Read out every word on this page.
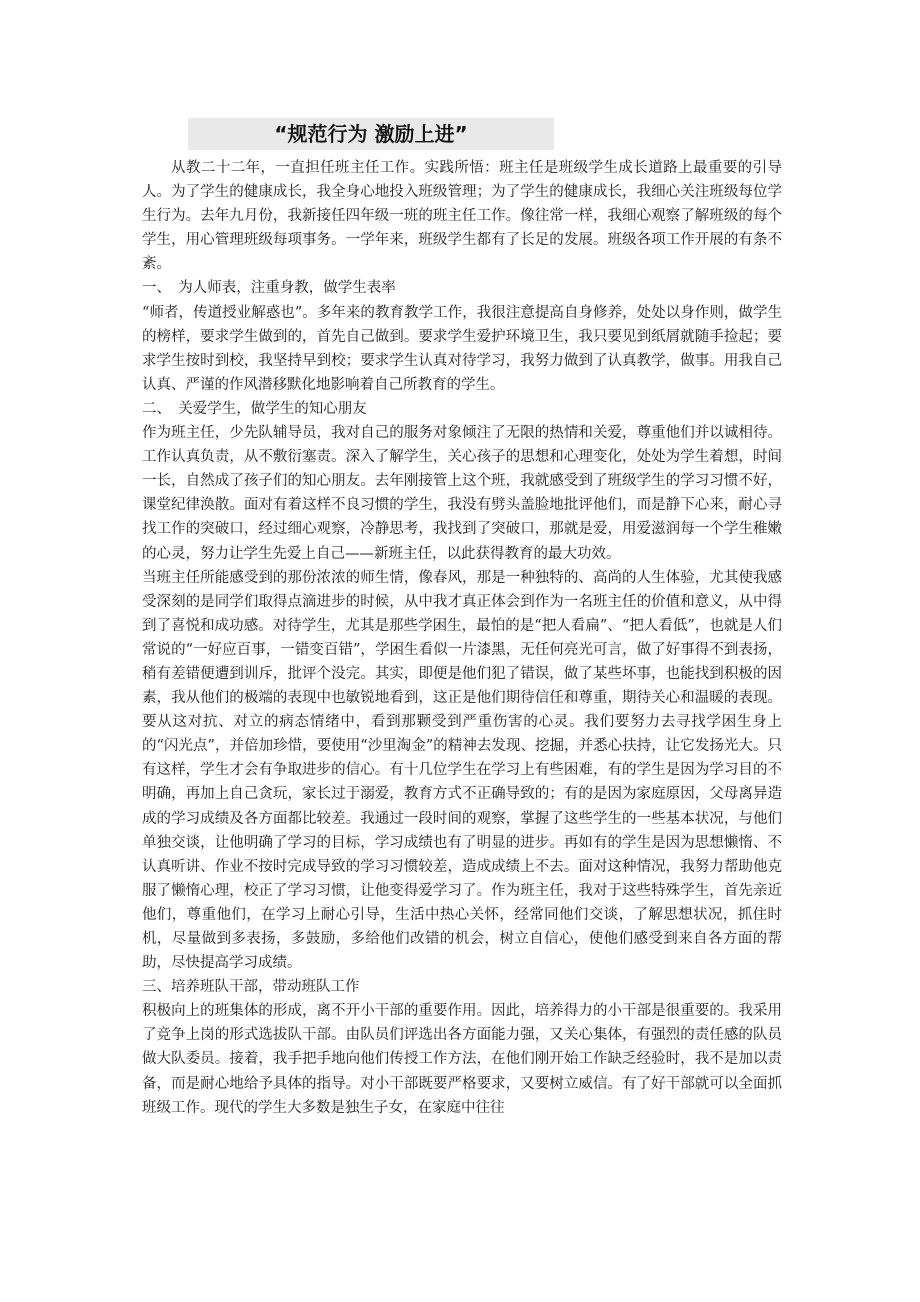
“规范行为 激励上进”

从教二十二年，一直担任班主任工作。实践所悟：班主任是班级学生成长道路上最重要的引导人。为了学生的健康成长，我全身心地投入班级管理；为了学生的健康成长，我细心关注班级每位学生行为。去年九月份，我新接任四年级一班的班主任工作。像往常一样，我细心观察了解班级的每个学生，用心管理班级每项事务。一学年来，班级学生都有了长足的发展。班级各项工作开展的有条不紊。

一、　为人师表，注重身教，做学生表率

“师者，传道授业解惑也”。多年来的教育教学工作，我很注意提高自身修养，处处以身作则，做学生的榜样，要求学生做到的，首先自己做到。要求学生爱护环境卫生，我只要见到纸屑就随手捡起；要求学生按时到校，我坚持早到校；要求学生认真对待学习，我努力做到了认真教学，做事。用我自己认真、严谨的作风潜移默化地影响着自己所教育的学生。

二、　关爱学生，做学生的知心朋友

作为班主任，少先队辅导员，我对自己的服务对象倾注了无限的热情和关爱，尊重他们并以诚相待。工作认真负责，从不敷衍塞责。深入了解学生，关心孩子的思想和心理变化，处处为学生着想，时间一长，自然成了孩子们的知心朋友。去年刚接管上这个班，我就感受到了班级学生的学习习惯不好，课堂纪律涣散。面对有着这样不良习惯的学生，我没有劈头盖脸地批评他们，而是静下心来，耐心寻找工作的突破口，经过细心观察，冷静思考，我找到了突破口，那就是爱，用爱滋润每一个学生稚嫩的心灵，努力让学生先爱上自己——新班主任，以此获得教育的最大功效。

当班主任所能感受到的那份浓浓的师生情，像春风，那是一种独特的、高尚的人生体验，尤其使我感受深刻的是同学们取得点滴进步的时候，从中我才真正体会到作为一名班主任的价值和意义，从中得到了喜悦和成功感。对待学生，尤其是那些学困生，最怕的是“把人看扁”、“把人看低”，也就是人们常说的“一好应百事，一错变百错”，学困生看似一片漆黑，无任何亮光可言，做了好事得不到表扬，稍有差错便遭到训斥，批评个没完。其实，即便是他们犯了错误，做了某些坏事，也能找到积极的因素，我从他们的极端的表现中也敏锐地看到，这正是他们期待信任和尊重，期待关心和温暖的表现。要从这对抗、对立的病态情绪中，看到那颗受到严重伤害的心灵。我们要努力去寻找学困生身上的“闪光点”，并倍加珍惜，要使用“沙里淘金”的精神去发现、挖掘，并悉心扶持，让它发扬光大。只有这样，学生才会有争取进步的信心。有十几位学生在学习上有些困难，有的学生是因为学习目的不明确，再加上自己贪玩，家长过于溺爱，教育方式不正确导致的；有的是因为家庭原因，父母离异造成的学习成绩及各方面都比较差。我通过一段时间的观察，掌握了这些学生的一些基本状况，与他们单独交谈，让他明确了学习的目标，学习成绩也有了明显的进步。再如有的学生是因为思想懒惰、不认真听讲、作业不按时完成导致的学习习惯较差，造成成绩上不去。面对这种情况，我努力帮助他克服了懒惰心理，校正了学习习惯，让他变得爱学习了。作为班主任，我对于这些特殊学生，首先亲近他们，尊重他们，在学习上耐心引导，生活中热心关怀，经常同他们交谈，了解思想状况，抓住时机，尽量做到多表扬，多鼓励，多给他们改错的机会，树立自信心，使他们感受到来自各方面的帮助，尽快提高学习成绩。

三、培养班队干部，带动班队工作

积极向上的班集体的形成，离不开小干部的重要作用。因此，培养得力的小干部是很重要的。我采用了竞争上岗的形式选拔队干部。由队员们评选出各方面能力强，又关心集体，有强烈的责任感的队员做大队委员。接着，我手把手地向他们传授工作方法，在他们刚开始工作缺乏经验时，我不是加以责备，而是耐心地给予具体的指导。对小干部既要严格要求，又要树立威信。有了好干部就可以全面抓班级工作。现代的学生大多数是独生子女，在家庭中往往
